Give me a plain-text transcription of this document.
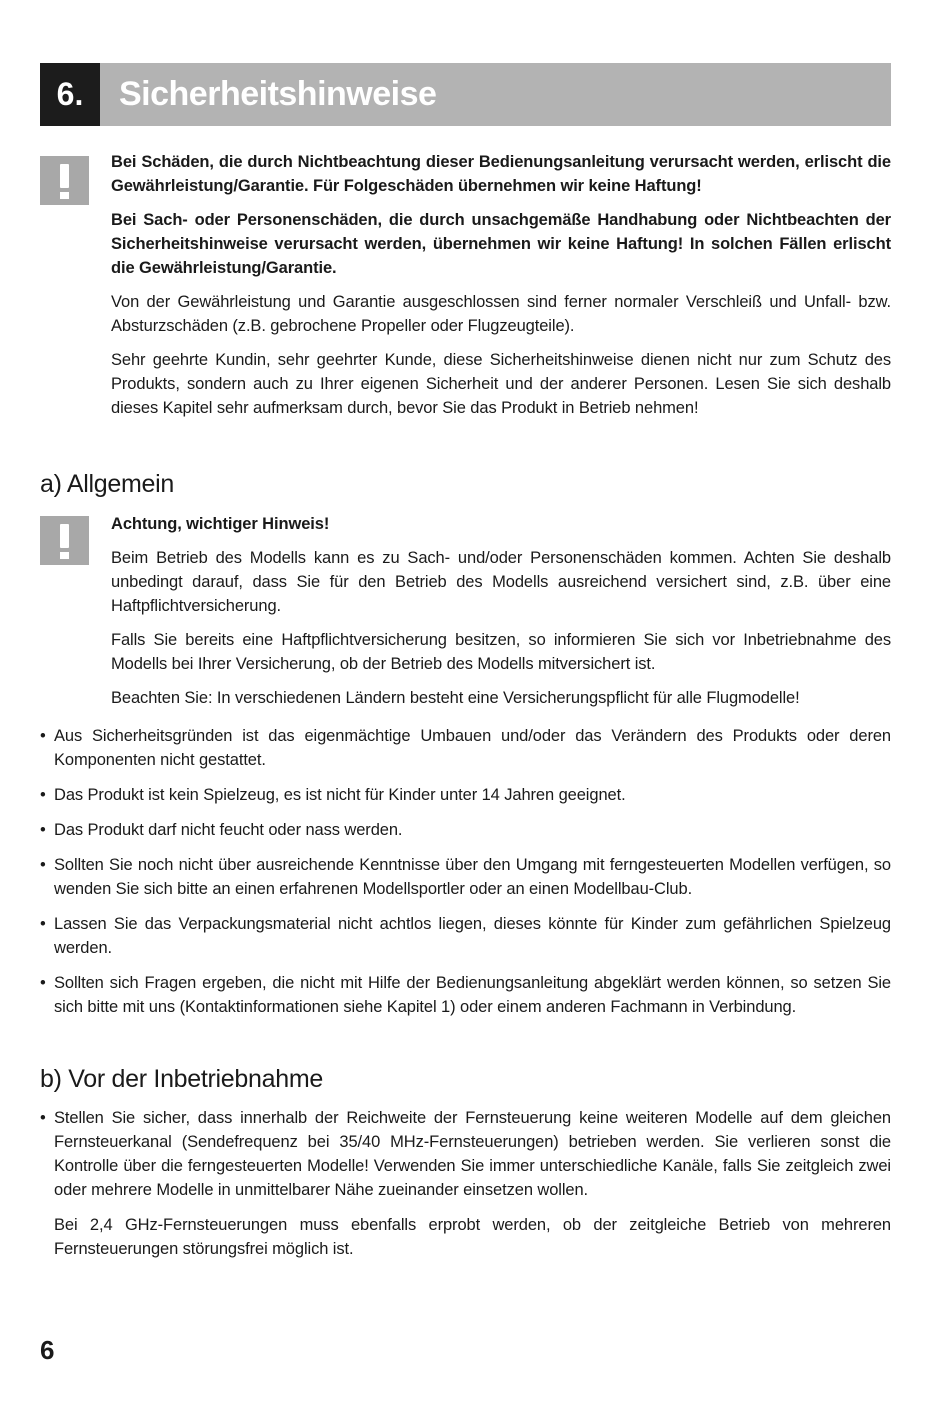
6.	Sicherheitshinweise

Bei Schäden, die durch Nichtbeachtung dieser Bedienungsanleitung verursacht werden, erlischt die Gewährleistung/Garantie. Für Folgeschäden übernehmen wir keine Haftung!

Bei Sach- oder Personenschäden, die durch unsachgemäße Handhabung oder Nichtbeachten der Sicherheitshinweise verursacht werden, übernehmen wir keine Haftung! In solchen Fällen erlischt die Gewährleistung/Garantie.

Von der Gewährleistung und Garantie ausgeschlossen sind ferner normaler Verschleiß und Unfall- bzw. Absturzschäden (z.B. gebrochene Propeller oder Flugzeugteile).

Sehr geehrte Kundin, sehr geehrter Kunde, diese Sicherheitshinweise dienen nicht nur zum Schutz des Produkts, sondern auch zu Ihrer eigenen Sicherheit und der anderer Personen. Lesen Sie sich deshalb dieses Kapitel sehr aufmerksam durch, bevor Sie das Produkt in Betrieb nehmen!

a) Allgemein

Achtung, wichtiger Hinweis!

Beim Betrieb des Modells kann es zu Sach- und/oder Personenschäden kommen. Achten Sie deshalb unbedingt darauf, dass Sie für den Betrieb des Modells ausreichend versichert sind, z.B. über eine Haftpflichtversicherung.

Falls Sie bereits eine Haftpflichtversicherung besitzen, so informieren Sie sich vor Inbetriebnahme des Modells bei Ihrer Versicherung, ob der Betrieb des Modells mitversichert ist.

Beachten Sie: In verschiedenen Ländern besteht eine Versicherungspflicht für alle Flugmodelle!

• Aus Sicherheitsgründen ist das eigenmächtige Umbauen und/oder das Verändern des Produkts oder deren Komponenten nicht gestattet.
• Das Produkt ist kein Spielzeug, es ist nicht für Kinder unter 14 Jahren geeignet.
• Das Produkt darf nicht feucht oder nass werden.
• Sollten Sie noch nicht über ausreichende Kenntnisse über den Umgang mit ferngesteuerten Modellen verfügen, so wenden Sie sich bitte an einen erfahrenen Modellsportler oder an einen Modellbau-Club.
• Lassen Sie das Verpackungsmaterial nicht achtlos liegen, dieses könnte für Kinder zum gefährlichen Spielzeug werden.
• Sollten sich Fragen ergeben, die nicht mit Hilfe der Bedienungsanleitung abgeklärt werden können, so setzen Sie sich bitte mit uns (Kontaktinformationen siehe Kapitel 1) oder einem anderen Fachmann in Verbindung.
b) Vor der Inbetriebnahme
• Stellen Sie sicher, dass innerhalb der Reichweite der Fernsteuerung keine weiteren Modelle auf dem gleichen Fernsteuerkanal (Sendefrequenz bei 35/40 MHz-Fernsteuerungen) betrieben werden. Sie verlieren sonst die Kontrolle über die ferngesteuerten Modelle! Verwenden Sie immer unterschiedliche Kanäle, falls Sie zeitgleich zwei oder mehrere Modelle in unmittelbarer Nähe zueinander einsetzen wollen.
Bei 2,4 GHz-Fernsteuerungen muss ebenfalls erprobt werden, ob der zeitgleiche Betrieb von mehreren Fernsteuerungen störungsfrei möglich ist.
6
